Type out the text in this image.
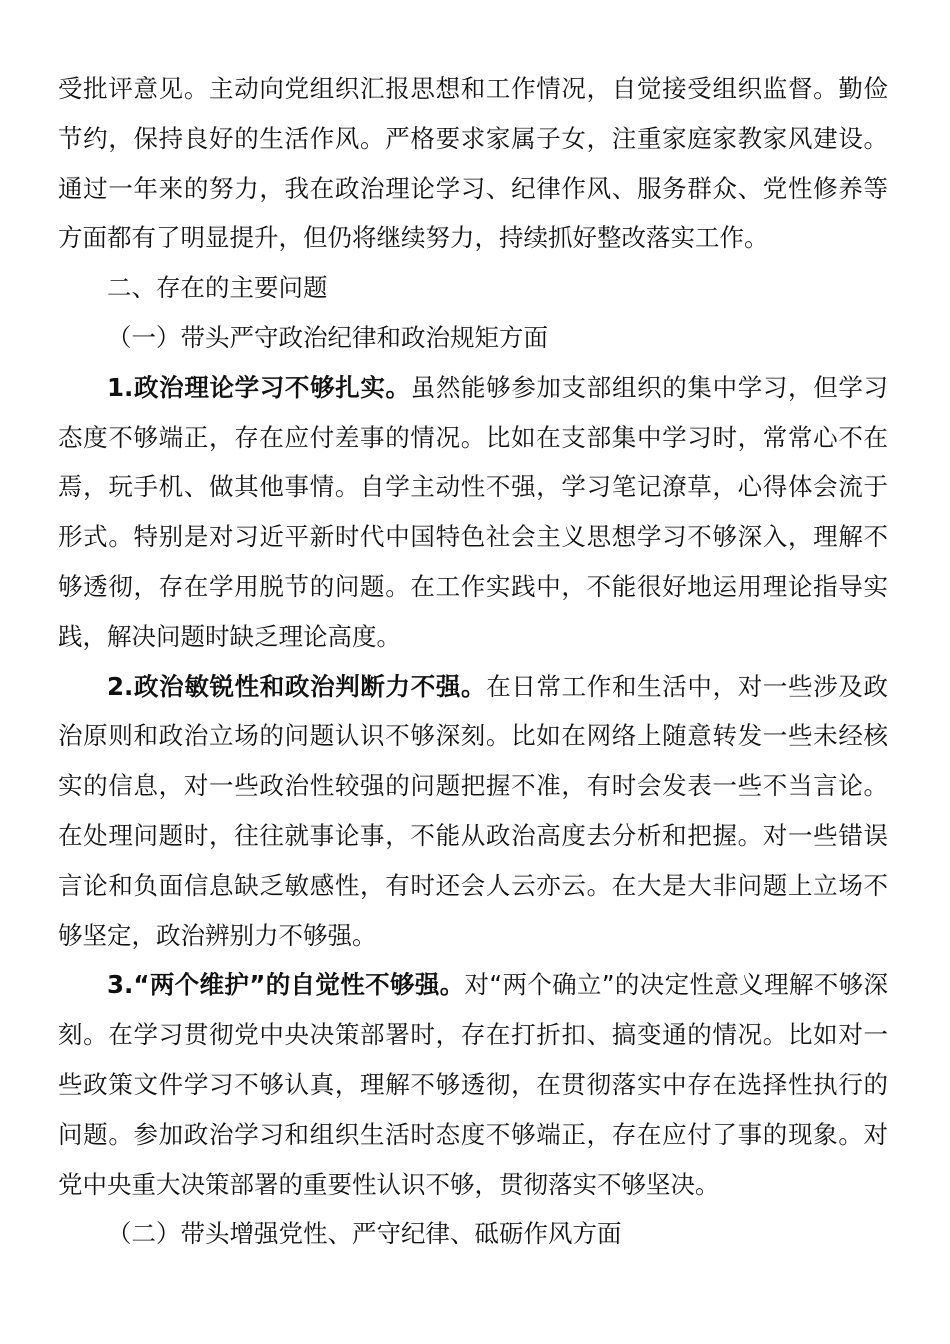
受批评意见。主动向党组织汇报思想和工作情况，自觉接受组织监督。勤俭节约，保持良好的生活作风。严格要求家属子女，注重家庭家教家风建设。通过一年来的努力，我在政治理论学习、纪律作风、服务群众、党性修养等方面都有了明显提升，但仍将继续努力，持续抓好整改落实工作。

二、存在的主要问题

（一）带头严守政治纪律和政治规矩方面

1.政治理论学习不够扎实。虽然能够参加支部组织的集中学习，但学习态度不够端正，存在应付差事的情况。比如在支部集中学习时，常常心不在焉，玩手机、做其他事情。自学主动性不强，学习笔记潦草，心得体会流于形式。特别是对习近平新时代中国特色社会主义思想学习不够深入，理解不够透彻，存在学用脱节的问题。在工作实践中，不能很好地运用理论指导实践，解决问题时缺乏理论高度。

2.政治敏锐性和政治判断力不强。在日常工作和生活中，对一些涉及政治原则和政治立场的问题认识不够深刻。比如在网络上随意转发一些未经核实的信息，对一些政治性较强的问题把握不准，有时会发表一些不当言论。在处理问题时，往往就事论事，不能从政治高度去分析和把握。对一些错误言论和负面信息缺乏敏感性，有时还会人云亦云。在大是大非问题上立场不够坚定，政治辨别力不够强。

3.“两个维护”的自觉性不够强。对“两个确立”的决定性意义理解不够深刻。在学习贯彻党中央决策部署时，存在打折扣、搞变通的情况。比如对一些政策文件学习不够认真，理解不够透彻，在贯彻落实中存在选择性执行的问题。参加政治学习和组织生活时态度不够端正，存在应付了事的现象。对党中央重大决策部署的重要性认识不够，贯彻落实不够坚决。

（二）带头增强党性、严守纪律、砥砺作风方面
